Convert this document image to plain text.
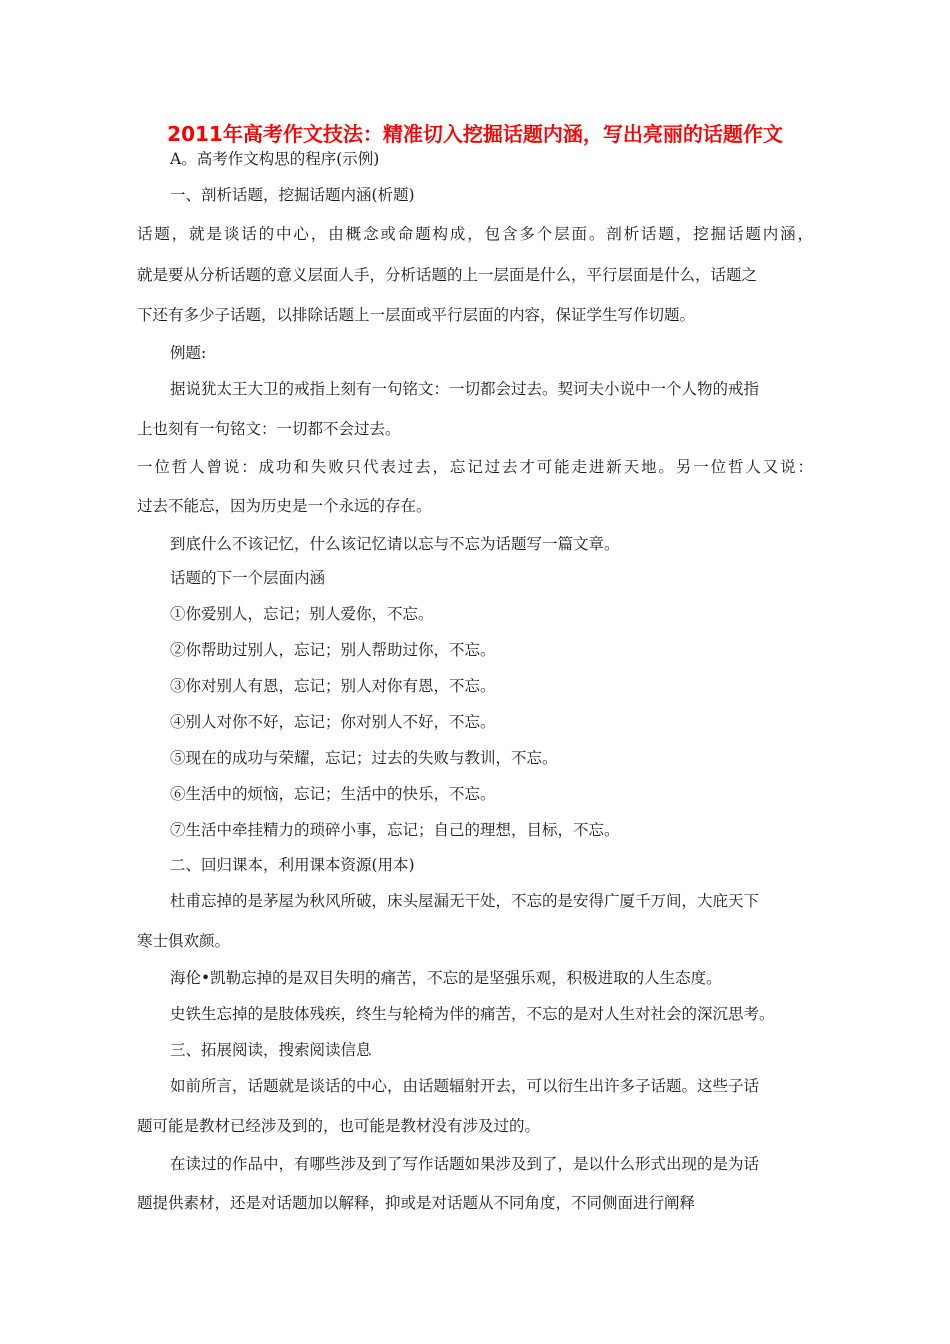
2011年高考作文技法：精准切入挖掘话题内涵，写出亮丽的话题作文
A。高考作文构思的程序(示例)
一、剖析话题，挖掘话题内涵(析题)
话题，就是谈话的中心，由概念或命题构成，包含多个层面。剖析话题，挖掘话题内涵，
就是要从分析话题的意义层面人手，分析话题的上一层面是什么，平行层面是什么，话题之
下还有多少子话题，以排除话题上一层面或平行层面的内容，保证学生写作切题。
例题:
据说犹太王大卫的戒指上刻有一句铭文：一切都会过去。契诃夫小说中一个人物的戒指
上也刻有一句铭文：一切都不会过去。
一位哲人曾说：成功和失败只代表过去，忘记过去才可能走进新天地。另一位哲人又说：
过去不能忘，因为历史是一个永远的存在。
到底什么不该记忆，什么该记忆请以忘与不忘为话题写一篇文章。
话题的下一个层面内涵
①你爱别人，忘记；别人爱你，不忘。
②你帮助过别人，忘记；别人帮助过你，不忘。
③你对别人有恩，忘记；别人对你有恩，不忘。
④别人对你不好，忘记；你对别人不好，不忘。
⑤现在的成功与荣耀，忘记；过去的失败与教训，不忘。
⑥生活中的烦恼，忘记；生活中的快乐，不忘。
⑦生活中牵挂精力的琐碎小事，忘记；自己的理想，目标，不忘。
二、回归课本，利用课本资源(用本)
杜甫忘掉的是茅屋为秋风所破，床头屋漏无干处，不忘的是安得广厦千万间，大庇天下
寒士俱欢颜。
海伦•凯勒忘掉的是双目失明的痛苦，不忘的是坚强乐观，积极进取的人生态度。
史铁生忘掉的是肢体残疾，终生与轮椅为伴的痛苦，不忘的是对人生对社会的深沉思考。
三、拓展阅读，搜索阅读信息
如前所言，话题就是谈话的中心，由话题辐射开去，可以衍生出许多子话题。这些子话
题可能是教材已经涉及到的，也可能是教材没有涉及过的。
在读过的作品中，有哪些涉及到了写作话题如果涉及到了，是以什么形式出现的是为话
题提供素材，还是对话题加以解释，抑或是对话题从不同角度，不同侧面进行阐释
